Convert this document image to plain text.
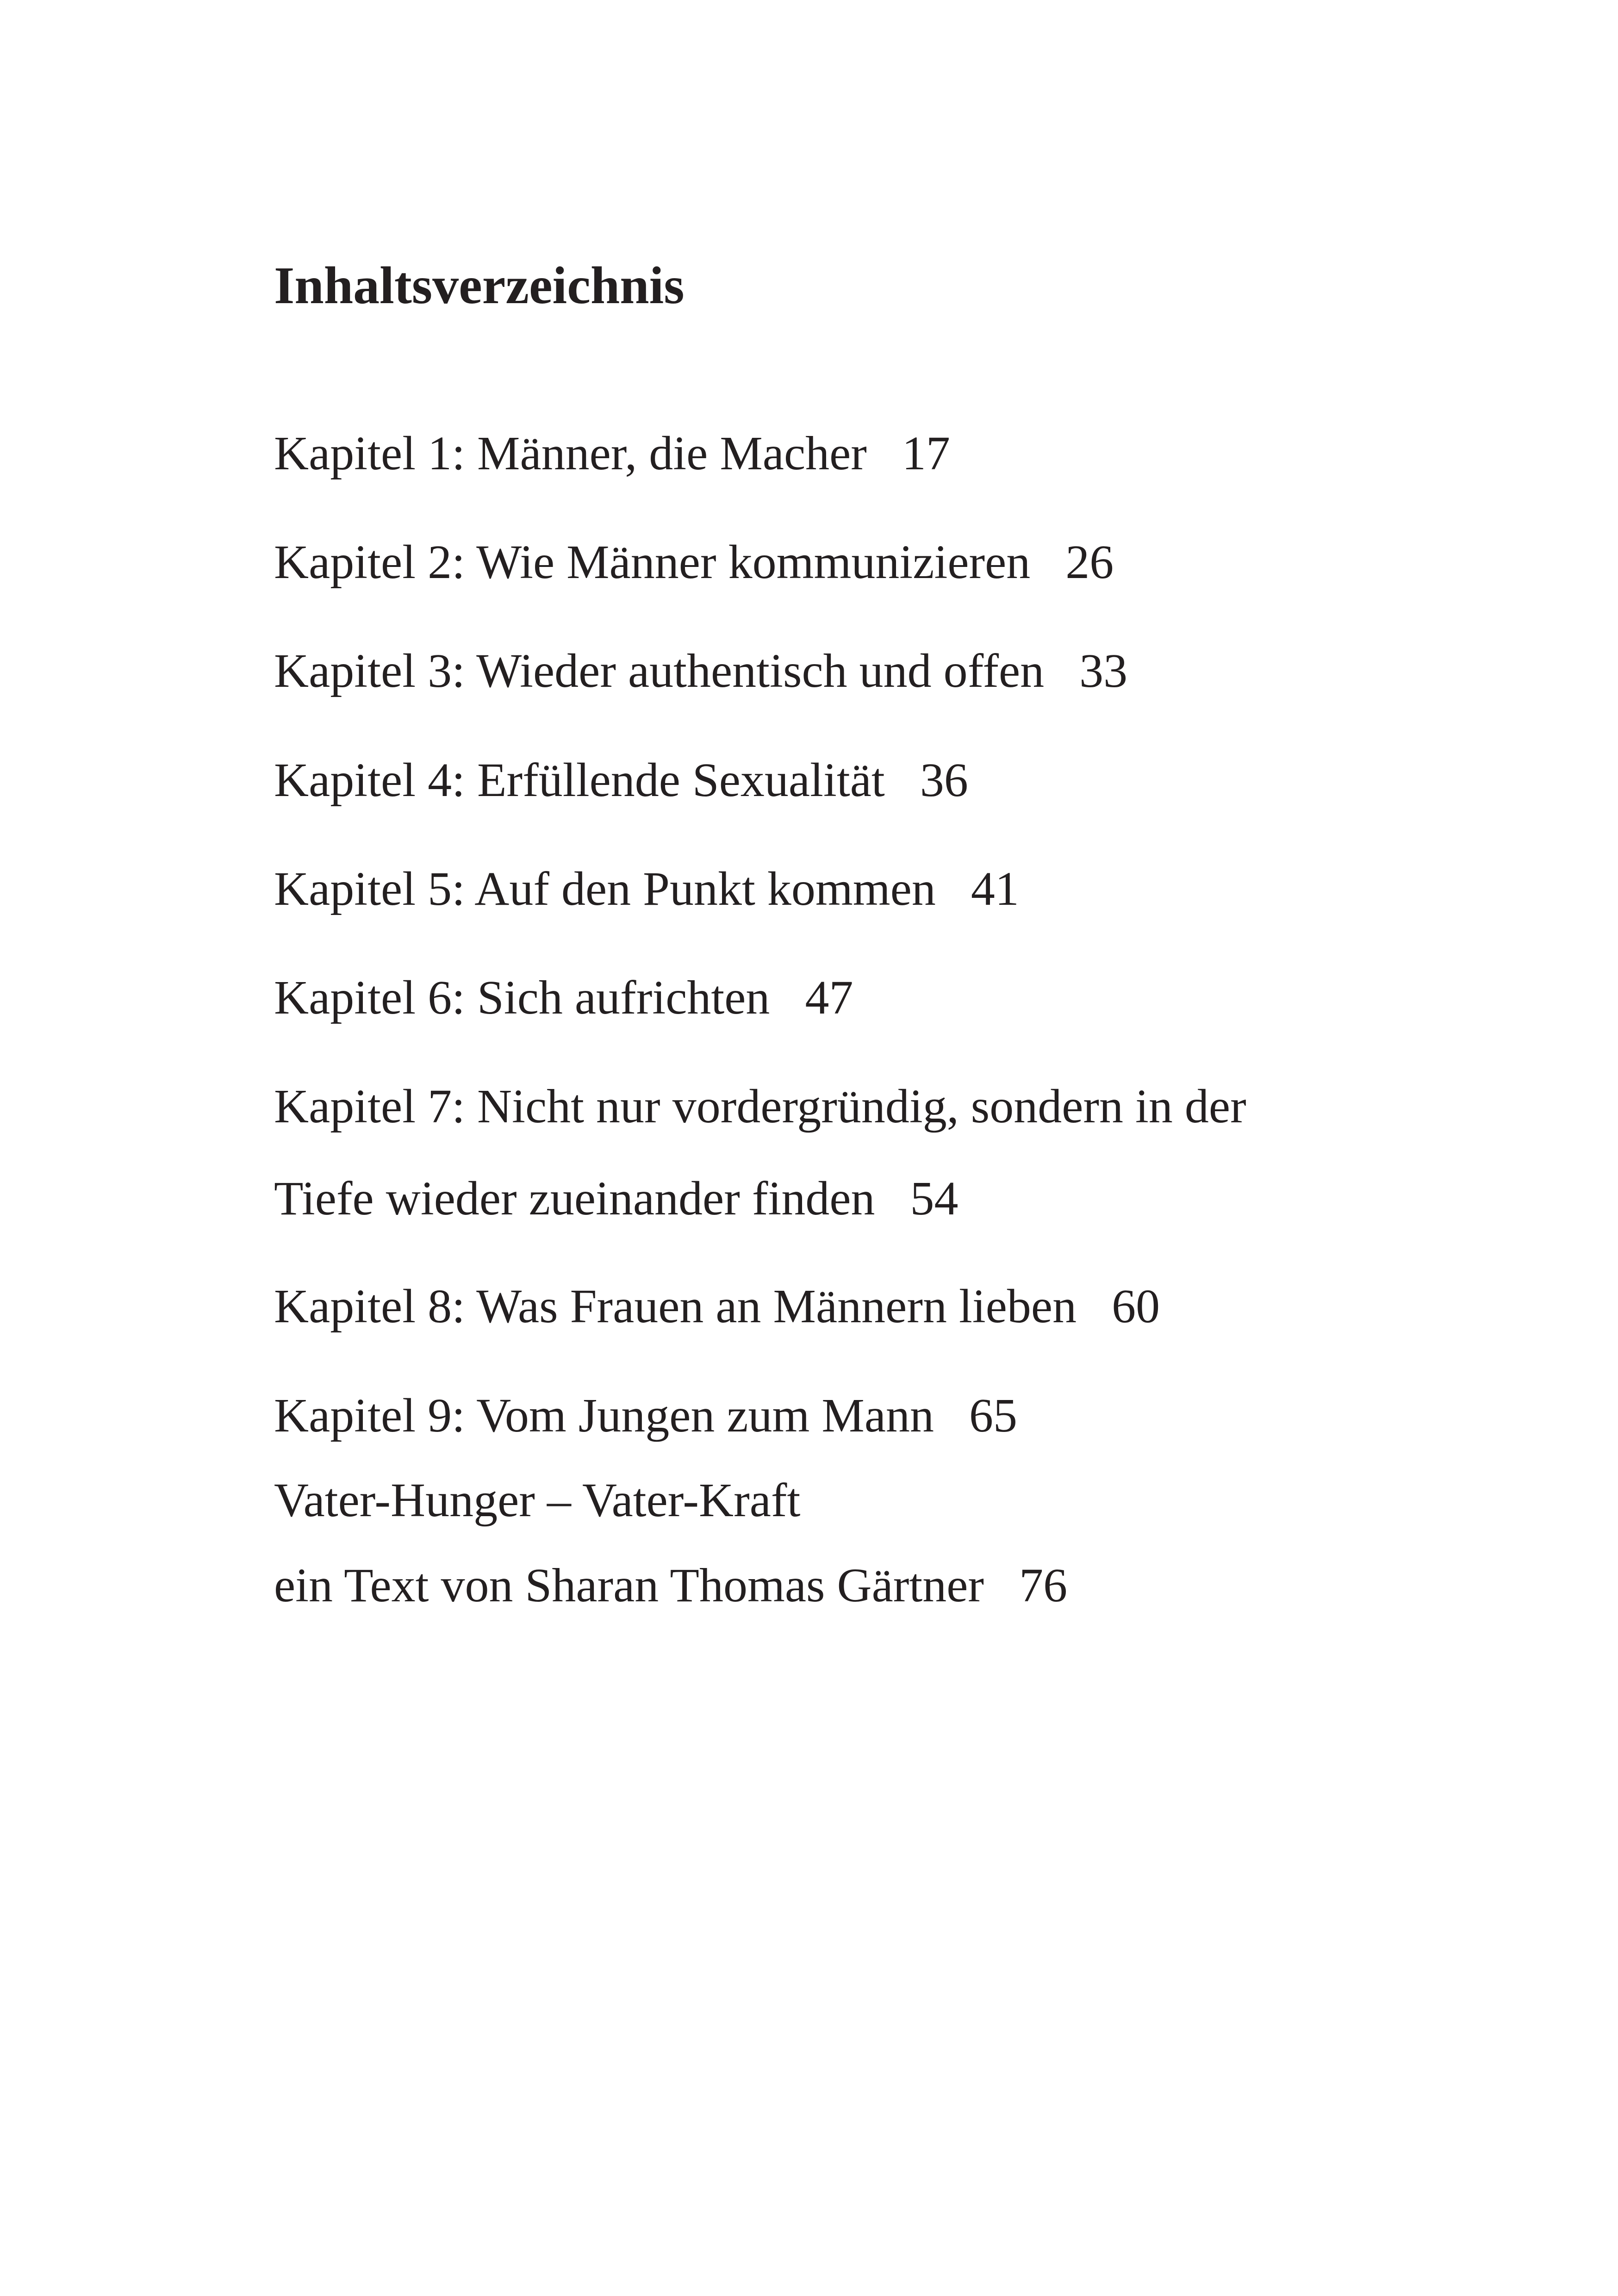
Inhaltsverzeichnis
Kapitel 1: Männer, die Macher 17
Kapitel 2: Wie Männer kommunizieren 26
Kapitel 3: Wieder authentisch und offen 33
Kapitel 4: Erfüllende Sexualität 36
Kapitel 5: Auf den Punkt kommen 41
Kapitel 6: Sich aufrichten 47
Kapitel 7: Nicht nur vordergründig, sondern in der
Tiefe wieder zueinander finden 54
Kapitel 8: Was Frauen an Männern lieben 60
Kapitel 9: Vom Jungen zum Mann 65
Vater-Hunger – Vater-Kraft
ein Text von Sharan Thomas Gärtner 76
